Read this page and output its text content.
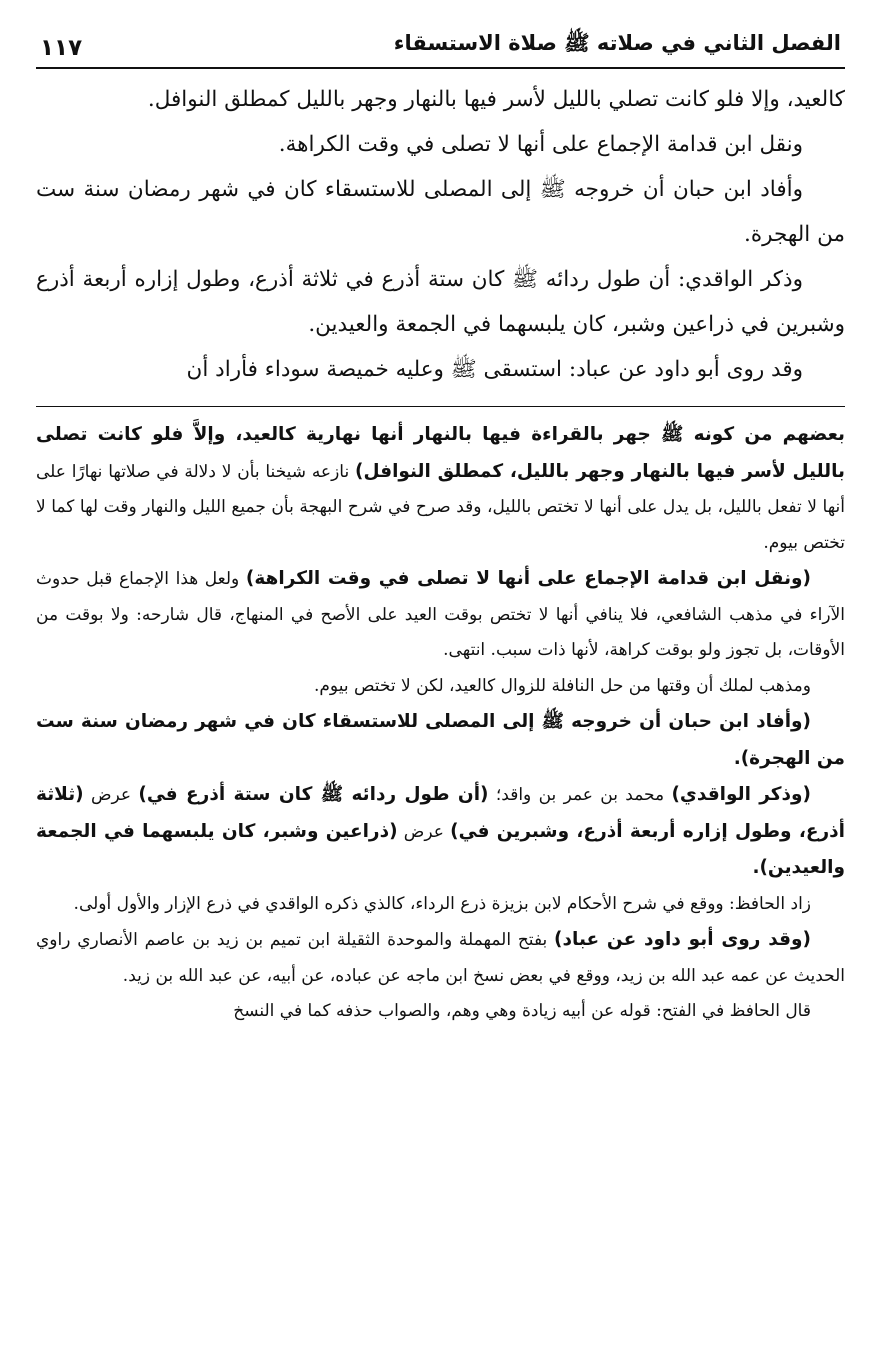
الفصل الثاني في صلاته ﷺ صلاة الاستسقاء
١١٧

كالعيد، وإلا فلو كانت تصلي بالليل لأسر فيها بالنهار وجهر بالليل كمطلق النوافل.

ونقل ابن قدامة الإجماع على أنها لا تصلى في وقت الكراهة.

وأفاد ابن حبان أن خروجه ﷺ إلى المصلى للاستسقاء كان في شهر رمضان سنة ست من الهجرة.

وذكر الواقدي: أن طول ردائه ﷺ كان ستة أذرع في ثلاثة أذرع، وطول إزاره أربعة أذرع وشبرين في ذراعين وشبر، كان يلبسهما في الجمعة والعيدين.

وقد روى أبو داود عن عباد: استسقى ﷺ وعليه خميصة سوداء فأراد أن

بعضهم من كونه ﷺ جهر بالقراءة فيها بالنهار أنها نهارية كالعيد، وإلاَّ فلو كانت تصلى بالليل لأسر فيها بالنهار وجهر بالليل، كمطلق النوافل) نازعه شيخنا بأن لا دلالة في صلاتها نهارًا على أنها لا تفعل بالليل، بل يدل على أنها لا تختص بالليل، وقد صرح في شرح البهجة بأن جميع الليل والنهار وقت لها كما لا تختص بيوم.

(ونقل ابن قدامة الإجماع على أنها لا تصلى في وقت الكراهة) ولعل هذا الإجماع قبل حدوث الآراء في مذهب الشافعي، فلا ينافي أنها لا تختص بوقت العيد على الأصح في المنهاج، قال شارحه: ولا بوقت من الأوقات، بل تجوز ولو بوقت كراهة، لأنها ذات سبب. انتهى.

ومذهب لملك أن وقتها من حل النافلة للزوال كالعيد، لكن لا تختص بيوم.

(وأفاد ابن حبان أن خروجه ﷺ إلى المصلى للاستسقاء كان في شهر رمضان سنة ست من الهجرة).

(وذكر الواقدي) محمد بن عمر بن واقد؛ (أن طول ردائه ﷺ كان ستة أذرع في) عرض (ثلاثة أذرع، وطول إزاره أربعة أذرع، وشبرين في) عرض (ذراعين وشبر، كان يلبسهما في الجمعة والعيدين).

زاد الحافظ: ووقع في شرح الأحكام لابن بزيزة ذرع الرداء، كالذي ذكره الواقدي في ذرع الإزار والأول أولى.

(وقد روى أبو داود عن عباد) بفتح المهملة والموحدة الثقيلة ابن تميم بن زيد بن عاصم الأنصاري راوي الحديث عن عمه عبد الله بن زيد، ووقع في بعض نسخ ابن ماجه عن عباده، عن أبيه، عن عبد الله بن زيد.

قال الحافظ في الفتح: قوله عن أبيه زيادة وهي وهم، والصواب حذفه كما في النسخ
